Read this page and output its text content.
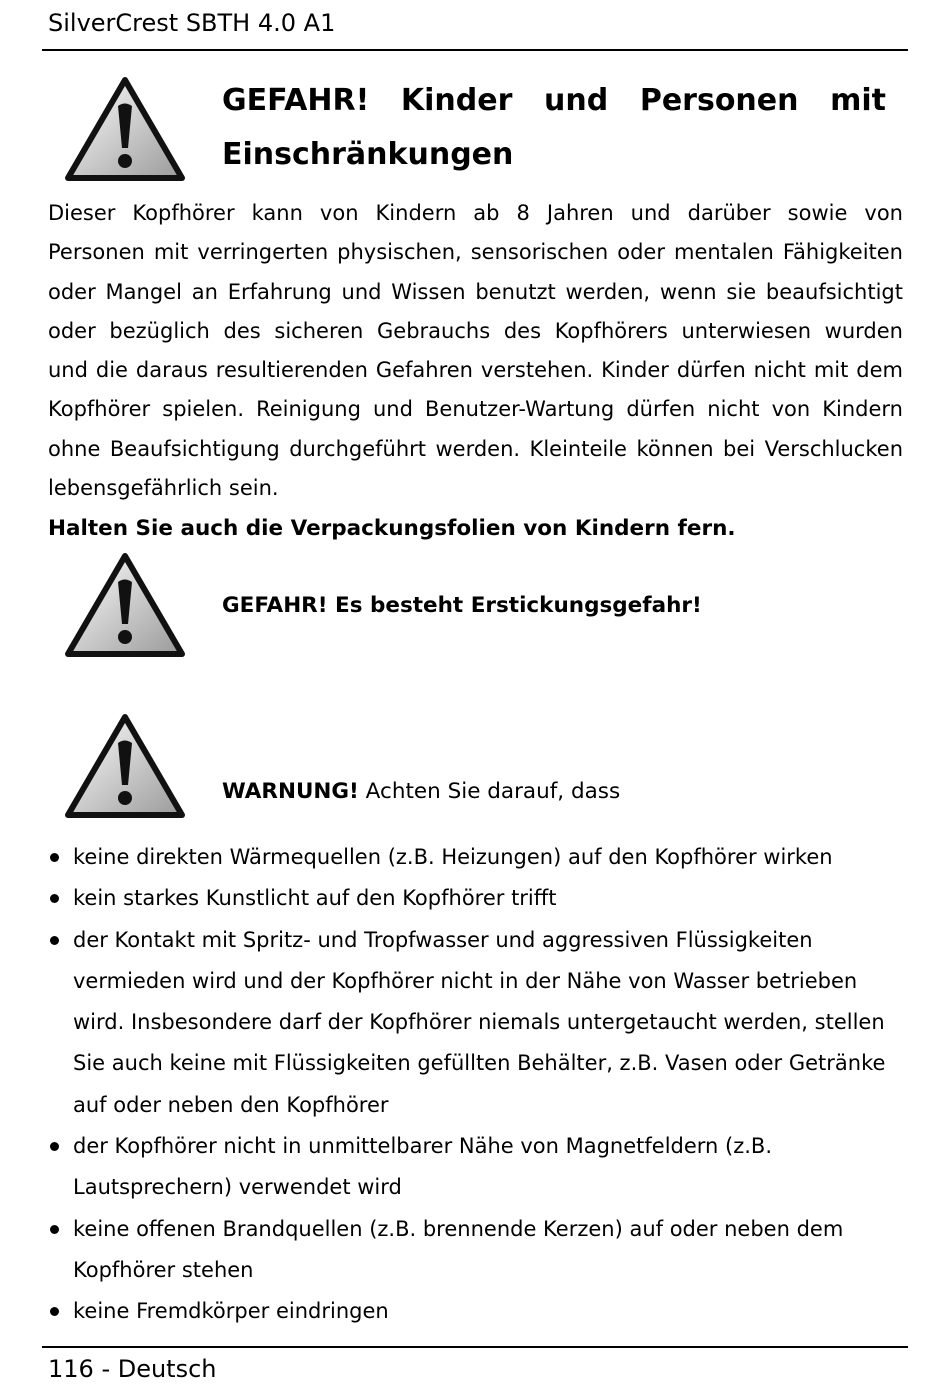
SilverCrest SBTH 4.0 A1
GEFAHR! Kinder und Personen mit
Einschränkungen
Dieser Kopfhörer kann von Kindern ab 8 Jahren und darüber sowie von
Personen mit verringerten physischen, sensorischen oder mentalen Fähigkeiten
oder Mangel an Erfahrung und Wissen benutzt werden, wenn sie beaufsichtigt
oder bezüglich des sicheren Gebrauchs des Kopfhörers unterwiesen wurden
und die daraus resultierenden Gefahren verstehen. Kinder dürfen nicht mit dem
Kopfhörer spielen. Reinigung und Benutzer-Wartung dürfen nicht von Kindern
ohne Beaufsichtigung durchgeführt werden. Kleinteile können bei Verschlucken
lebensgefährlich sein.
Halten Sie auch die Verpackungsfolien von Kindern fern.
GEFAHR! Es besteht Erstickungsgefahr!
WARNUNG! Achten Sie darauf, dass
keine direkten Wärmequellen (z.B. Heizungen) auf den Kopfhörer wirken
kein starkes Kunstlicht auf den Kopfhörer trifft
der Kontakt mit Spritz- und Tropfwasser und aggressiven Flüssigkeiten
vermieden wird und der Kopfhörer nicht in der Nähe von Wasser betrieben
wird. Insbesondere darf der Kopfhörer niemals untergetaucht werden, stellen
Sie auch keine mit Flüssigkeiten gefüllten Behälter, z.B. Vasen oder Getränke
auf oder neben den Kopfhörer
der Kopfhörer nicht in unmittelbarer Nähe von Magnetfeldern (z.B.
Lautsprechern) verwendet wird
keine offenen Brandquellen (z.B. brennende Kerzen) auf oder neben dem
Kopfhörer stehen
keine Fremdkörper eindringen
116 - Deutsch
